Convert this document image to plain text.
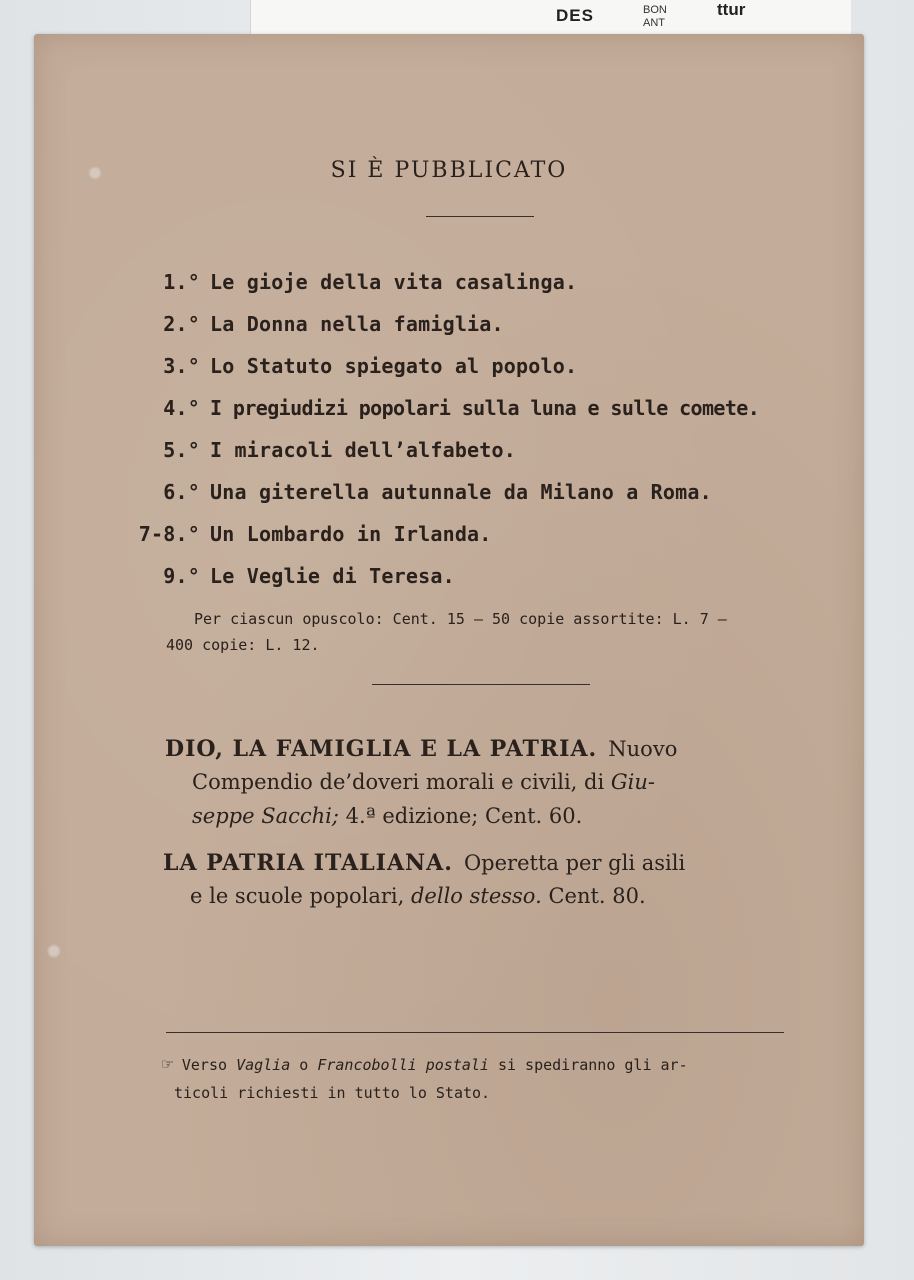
DES	BON
ANT
ttur

SI È PUBBLICATO

1.° Le gioje della vita casalinga.
2.° La Donna nella famiglia.
3.° Lo Statuto spiegato al popolo.
4.° I pregiudizi popolari sulla luna e sulle comete.
5.° I miracoli dell’alfabeto.
6.° Una giterella autunnale da Milano a Roma.
7-8.° Un Lombardo in Irlanda.
9.° Le Veglie di Teresa.

Per ciascun opuscolo: Cent. 15 — 50 copie assortite: L. 7 —

400 copie: L. 12.

DIO, LA FAMIGLIA E LA PATRIA. Nuovo

Compendio de’doveri morali e civili, di Giu-

seppe Sacchi; 4.ª edizione; Cent. 60.

LA PATRIA ITALIANA. Operetta per gli asili

e le scuole popolari, dello stesso. Cent. 80.

☞ Verso Vaglia o Francobolli postali si spediranno gli ar-

ticoli richiesti in tutto lo Stato.
